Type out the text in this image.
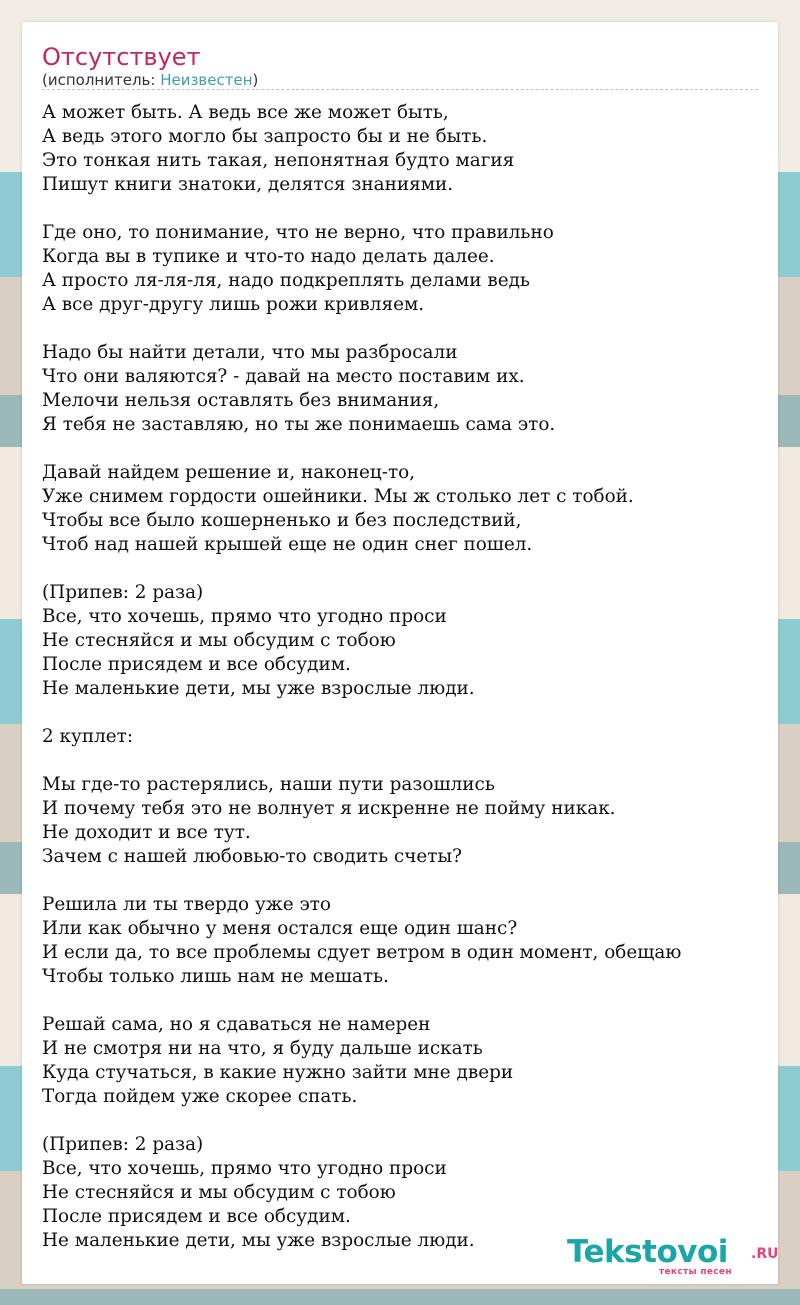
Отсутствует
(исполнитель: Неизвестен)
А может быть. А ведь все же может быть,
А ведь этого могло бы запросто бы и не быть.
Это тонкая нить такая, непонятная будто магия
Пишут книги знатоки, делятся знаниями.

Где оно, то понимание, что не верно, что правильно
Когда вы в тупике и что-то надо делать далее.
А просто ля-ля-ля, надо подкреплять делами ведь
А все друг-другу лишь рожи кривляем.

Надо бы найти детали, что мы разбросали
Что они валяются? - давай на место поставим их.
Мелочи нельзя оставлять без внимания,
Я тебя не заставляю, но ты же понимаешь сама это.

Давай найдем решение и, наконец-то,
Уже снимем гордости ошейники. Мы ж столько лет с тобой.
Чтобы все было кошерненько и без последствий,
Чтоб над нашей крышей еще не один снег пошел.

(Припев: 2 раза)
Все, что хочешь, прямо что угодно проси
Не стесняйся и мы обсудим с тобою
После присядем и все обсудим.
Не маленькие дети, мы уже взрослые люди.

2 куплет:

Мы где-то растерялись, наши пути разошлись
И почему тебя это не волнует я искренне не пойму никак.
Не доходит и все тут.
Зачем с нашей любовью-то сводить счеты?

Решила ли ты твердо уже это
Или как обычно у меня остался еще один шанс?
И если да, то все проблемы сдует ветром в один момент, обещаю
Чтобы только лишь нам не мешать.

Решай сама, но я сдаваться не намерен
И не смотря ни на что, я буду дальше искать
Куда стучаться, в какие нужно зайти мне двери
Тогда пойдем уже скорее спать.

(Припев: 2 раза)
Все, что хочешь, прямо что угодно проси
Не стесняйся и мы обсудим с тобою
После присядем и все обсудим.
Не маленькие дети, мы уже взрослые люди.	Tekstovoi .RU
тексты песен
